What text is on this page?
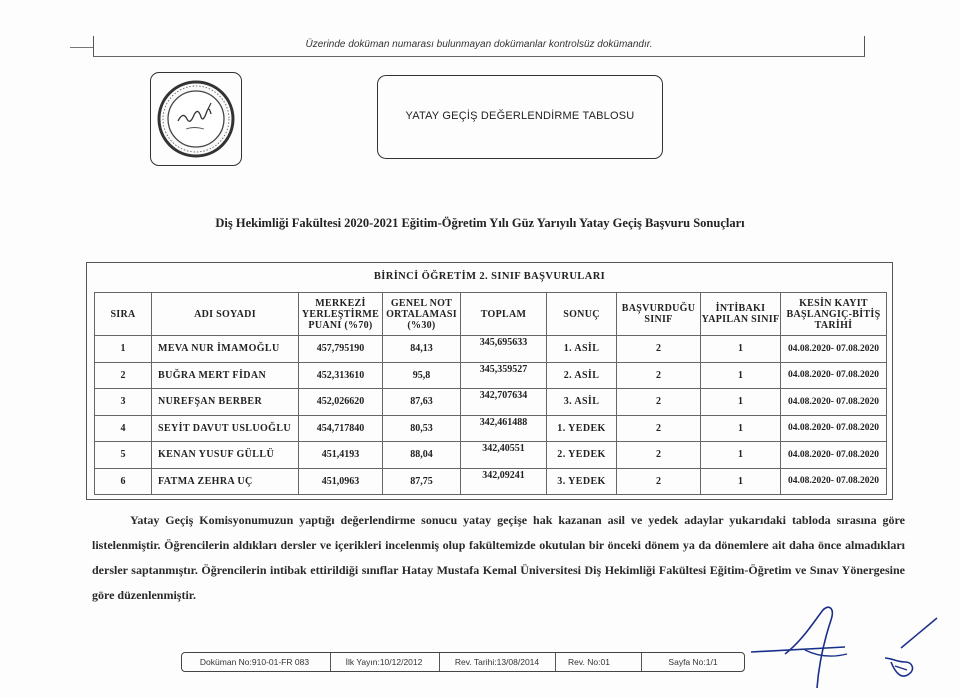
Üzerinde doküman numarası bulunmayan dokümanlar kontrolsüz dokümandır.
YATAY GEÇİŞ DEĞERLENDİRME TABLOSU
Diş Hekimliği Fakültesi 2020-2021 Eğitim-Öğretim Yılı Güz Yarıyılı Yatay Geçiş Başvuru Sonuçları
BİRİNCİ ÖĞRETİM 2. SINIF BAŞVURULARI
SIRA	ADI SOYADI	MERKEZİ YERLEŞTİRME PUANI (%70)	GENEL NOT ORTALAMASI (%30)	TOPLAM	SONUÇ	BAŞVURDUĞU SINIF	İNTİBAKI YAPILAN SINIF	KESİN KAYIT BAŞLANGIÇ-BİTİŞ TARİHİ
1	MEVA NUR İMAMOĞLU	457,795190	84,13	345,695633	1. ASİL	2	1	04.08.2020- 07.08.2020
2	BUĞRA MERT FİDAN	452,313610	95,8	345,359527	2. ASİL	2	1	04.08.2020- 07.08.2020
3	NUREFŞAN BERBER	452,026620	87,63	342,707634	3. ASİL	2	1	04.08.2020- 07.08.2020
4	SEYİT DAVUT USLUOĞLU	454,717840	80,53	342,461488	1. YEDEK	2	1	04.08.2020- 07.08.2020
5	KENAN YUSUF GÜLLÜ	451,4193	88,04	342,40551	2. YEDEK	2	1	04.08.2020- 07.08.2020
6	FATMA ZEHRA UÇ	451,0963	87,75	342,09241	3. YEDEK	2	1	04.08.2020- 07.08.2020
Yatay Geçiş Komisyonumuzun yaptığı değerlendirme sonucu yatay geçişe hak kazanan asil ve yedek adaylar yukarıdaki tabloda sırasına göre listelenmiştir. Öğrencilerin aldıkları dersler ve içerikleri incelenmiş olup fakültemizde okutulan bir önceki dönem ya da dönemlere ait daha önce almadıkları dersler saptanmıştır. Öğrencilerin intibak ettirildiği sınıflar Hatay Mustafa Kemal Üniversitesi Diş Hekimliği Fakültesi Eğitim-Öğretim ve Sınav Yönergesine göre düzenlenmiştir.
Doküman No:910-01-FR 083	İlk Yayın:10/12/2012	Rev. Tarihi:13/08/2014	Rev. No:01	Sayfa No:1/1
